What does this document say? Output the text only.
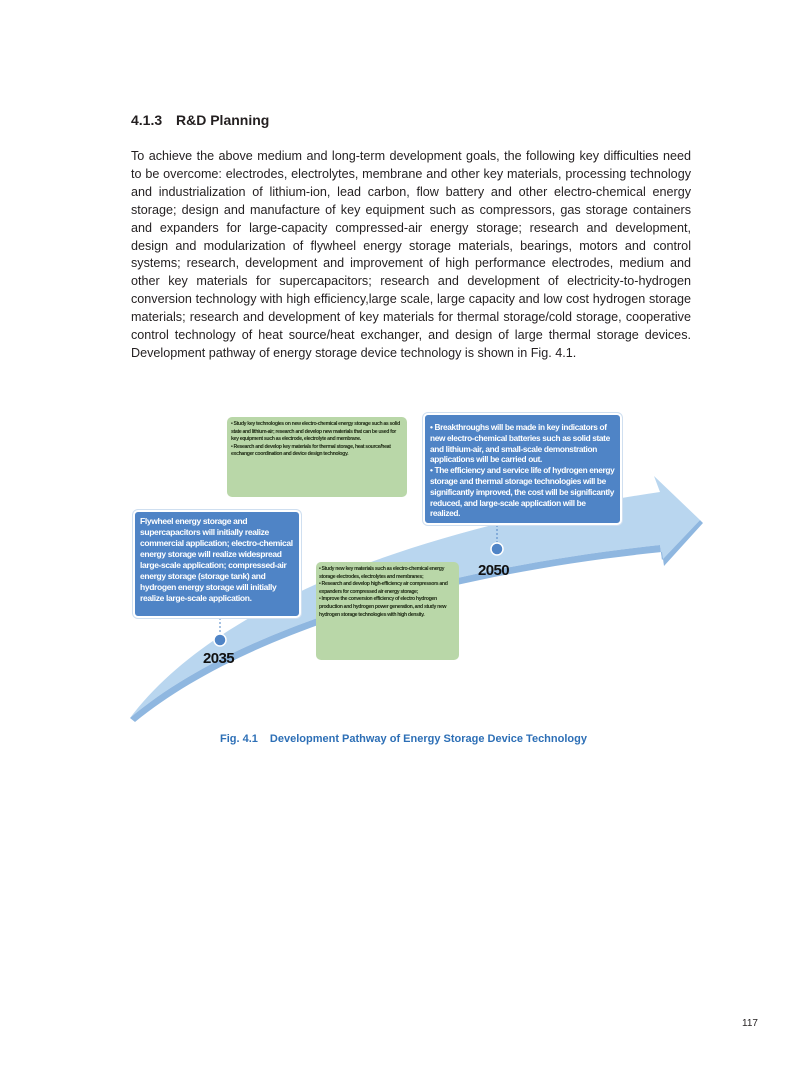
4.1.3 R&D Planning
To achieve the above medium and long-term development goals, the following key difficulties need to be overcome: electrodes, electrolytes, membrane and other key materials, processing technology and industrialization of lithium-ion, lead carbon, flow battery and other electro-chemical energy storage; design and manufacture of key equipment such as compressors, gas storage containers and expanders for large-capacity compressed-air energy storage; research and development, design and modularization of flywheel energy storage materials, bearings, motors and control systems; research, development and improvement of high performance electrodes, medium and other key materials for supercapacitors; research and development of electricity-to-hydrogen conversion technology with high efficiency,large scale, large capacity and low cost hydrogen storage materials; research and development of key materials for thermal storage/cold storage, cooperative control technology of heat source/heat exchanger, and design of large thermal storage devices. Development pathway of energy storage device technology is shown in Fig. 4.1.

• Study key technologies on new electro-chemical energy storage such as solid state and lithium-air; research and develop new materials that can be used for key equipment such as electrode, electrolyte and membrane.

• Research and develop key materials for thermal storage, heat source/heat exchanger coordination and device design technology.

• Breakthroughs will be made in key indicators of new electro-chemical batteries such as solid state and lithium-air, and small-scale demonstration applications will be carried out.

• The efficiency and service life of hydrogen energy storage and thermal storage technologies will be significantly improved, the cost will be significantly reduced, and large-scale application will be realized.

Flywheel energy storage and supercapacitors will initially realize commercial application; electro-chemical energy storage will realize widespread large-scale application; compressed-air energy storage (storage tank) and hydrogen energy storage will initially realize large-scale application.

• Study new key materials such as electro-chemical energy storage electrodes, electrolytes and membranes;

• Research and develop high-efficiency air compressors and expanders for compressed air energy storage;

• Improve the conversion efficiency of electro hydrogen production and hydrogen power generation, and study new hydrogen storage technologies with high density.

2035
2050
Fig. 4.1 Development Pathway of Energy Storage Device Technology
117
